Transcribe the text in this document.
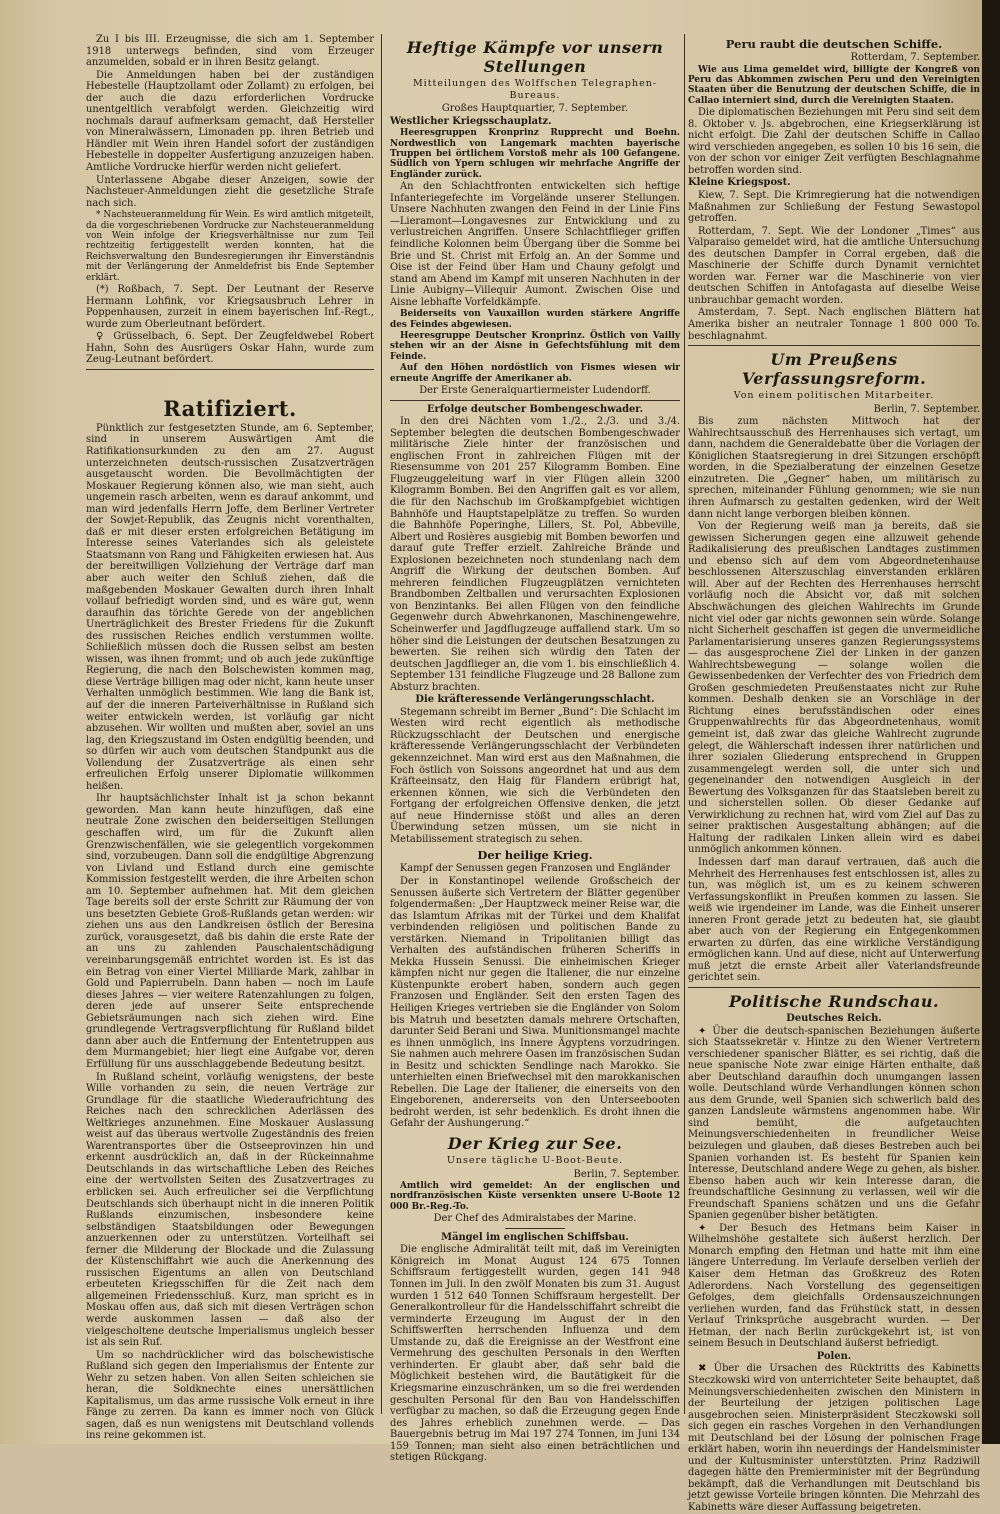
Zu I bis III. Erzeugnisse, die sich am 1. September 1918 unterwegs befinden, sind vom Erzeuger anzumelden, sobald er in ihren Besitz gelangt.

Die Anmeldungen haben bei der zuständigen Hebestelle (Hauptzollamt oder Zollamt) zu erfolgen, bei der auch die dazu erforderlichen Vordrucke unentgeltlich verabfolgt werden. Gleichzeitig wird nochmals darauf aufmerksam gemacht, daß Hersteller von Mineralwässern, Limonaden pp. ihren Betrieb und Händler mit Wein ihren Handel sofort der zuständigen Hebestelle in doppelter Ausfertigung anzuzeigen haben. Amtliche Vordrucke hierfür werden nicht geliefert.

Unterlassene Abgabe dieser Anzeigen, sowie der Nachsteuer-Anmeldungen zieht die gesetzliche Strafe nach sich.

* Nachsteueranmeldung für Wein. Es wird amtlich mitgeteilt, da die vorgeschriebenen Vordrucke zur Nachsteueranmeldung von Wein infolge der Kriegsverhältnisse nur zum Teil rechtzeitig fertiggestellt werden konnten, hat die Reichsverwaltung den Bundesregierungen ihr Einverständnis mit der Verlängerung der Anmeldefrist bis Ende September erklärt.

(*) Roßbach, 7. Sept. Der Leutnant der Reserve Hermann Lohfink, vor Kriegsausbruch Lehrer in Poppenhausen, zurzeit in einem bayerischen Inf.-Regt., wurde zum Oberleutnant befördert.

♀ Grüsselbach, 6. Sept. Der Zeugfeldwebel Robert Hahn, Sohn des Ausrügers Oskar Hahn, wurde zum Zeug-Leutnant befördert.

Ratifiziert.

Pünktlich zur festgesetzten Stunde, am 6. September, sind in unserem Auswärtigen Amt die Ratifikationsurkunden zu den am 27. August unterzeichneten deutsch-russischen Zusatzverträgen ausgetauscht worden. Die Bevollmächtigten der Moskauer Regierung können also, wie man sieht, auch ungemein rasch arbeiten, wenn es darauf ankommt, und man wird jedenfalls Herrn Joffe, dem Berliner Vertreter der Sowjet-Republik, das Zeugnis nicht vorenthalten, daß er mit dieser ersten erfolgreichen Betätigung im Interesse seines Vaterlandes sich als geleistete Staatsmann von Rang und Fähigkeiten erwiesen hat. Aus der bereitwilligen Vollziehung der Verträge darf man aber auch weiter den Schluß ziehen, daß die maßgebenden Moskauer Gewalten durch ihren Inhalt vollauf befriedigt worden sind, und es wäre gut, wenn daraufhin das törichte Gerede von der angeblichen Unerträglichkeit des Brester Friedens für die Zukunft des russischen Reiches endlich verstummen wollte. Schließlich müssen doch die Russen selbst am besten wissen, was ihnen frommt; und ob auch jede zukünftige Regierung, die nach den Bolschewisten kommen mag, diese Verträge billigen mag oder nicht, kann heute unser Verhalten unmöglich bestimmen. Wie lang die Bank ist, auf der die inneren Parteiverhältnisse in Rußland sich weiter entwickeln werden, ist vorläufig gar nicht abzusehen. Wir wollten und mußten aber, soviel an uns lag, den Kriegszustand im Osten endgültig beenden, und so dürfen wir auch vom deutschen Standpunkt aus die Vollendung der Zusatzverträge als einen sehr erfreulichen Erfolg unserer Diplomatie willkommen heißen.

Ihr hauptsächlichster Inhalt ist ja schon bekannt geworden. Man kann heute hinzufügen, daß eine neutrale Zone zwischen den beiderseitigen Stellungen geschaffen wird, um für die Zukunft allen Grenzwischenfällen, wie sie gelegentlich vorgekommen sind, vorzubeugen. Dann soll die endgültige Abgrenzung von Livland und Estland durch eine gemischte Kommission festgestellt werden, die ihre Arbeiten schon am 10. September aufnehmen hat. Mit dem gleichen Tage bereits soll der erste Schritt zur Räumung der von uns besetzten Gebiete Groß-Rußlands getan werden: wir ziehen uns aus den Landkreisen östlich der Beresina zurück, vorausgesetzt, daß bis dahin die erste Rate der an uns zu zahlenden Pauschalentschädigung vereinbarungsgemäß entrichtet worden ist. Es ist das ein Betrag von einer Viertel Milliarde Mark, zahlbar in Gold und Papierrubeln. Dann haben — noch im Laufe dieses Jahres — vier weitere Ratenzahlungen zu folgen, deren jede auf unserer Seite entsprechende Gebietsräumungen nach sich ziehen wird. Eine grundlegende Vertragsverpflichtung für Rußland bildet dann aber auch die Entfernung der Ententetruppen aus dem Murmangebiet; hier liegt eine Aufgabe vor, deren Erfüllung für uns ausschlaggebende Bedeutung besitzt.

In Rußland scheint, vorläufig wenigstens, der beste Wille vorhanden zu sein, die neuen Verträge zur Grundlage für die staatliche Wiederaufrichtung des Reiches nach den schrecklichen Aderlässen des Weltkrieges anzunehmen. Eine Moskauer Auslassung weist auf das überaus wertvolle Zugeständnis des freien Warentransportes über die Ostseeprovinzen hin und erkennt ausdrücklich an, daß in der Rückeinnahme Deutschlands in das wirtschaftliche Leben des Reiches eine der wertvollsten Seiten des Zusatzvertrages zu erblicken sei. Auch erfreulicher sei die Verpflichtung Deutschlands sich überhaupt nicht in die inneren Politik Rußlands einzumischen, insbesondere keine selbständigen Staatsbildungen oder Bewegungen anzuerkennen oder zu unterstützen. Vorteilhaft sei ferner die Milderung der Blockade und die Zulassung der Küstenschiffahrt wie auch die Anerkennung des russischen Eigentums an allen von Deutschland erbeuteten Kriegsschiffen für die Zeit nach dem allgemeinen Friedensschluß. Kurz, man spricht es in Moskau offen aus, daß sich mit diesen Verträgen schon werde auskommen lassen — daß also der vielgescholtene deutsche Imperialismus ungleich besser ist als sein Ruf.

Um so nachdrücklicher wird das bolschewistische Rußland sich gegen den Imperialismus der Entente zur Wehr zu setzen haben. Von allen Seiten schleichen sie heran, die Soldknechte eines unersättlichen Kapitalismus, um das arme russische Volk erneut in ihre Fänge zu zerren. Da kann es immer noch von Glück sagen, daß es nun wenigstens mit Deutschland vollends ins reine gekommen ist.

Heftige Kämpfe vor unsern Stellungen
Mitteilungen des Wolffschen Telegraphen-Bureaus.

Großes Hauptquartier, 7. September.

Westlicher Kriegsschauplatz.

Heeresgruppen Kronprinz Rupprecht und Boehn. Nordwestlich von Langemark machten bayerische Truppen bei örtlichem Vorstoß mehr als 100 Gefangene. Südlich von Ypern schlugen wir mehrfache Angriffe der Engländer zurück.

An den Schlachtfronten entwickelten sich heftige Infanteriegefechte im Vorgelände unserer Stellungen. Unsere Nachhuten zwangen den Feind in der Linie Fins—Lieramont—Longavesnes zur Entwicklung und zu verlustreichen Angriffen. Unsere Schlachtflieger griffen feindliche Kolonnen beim Übergang über die Somme bei Brie und St. Christ mit Erfolg an. An der Somme und Oise ist der Feind über Ham und Chauny gefolgt und stand am Abend im Kampf mit unseren Nachhuten in der Linie Aubigny—Villequir Aumont. Zwischen Oise und Aisne lebhafte Vorfeldkämpfe.

Beiderseits von Vauxaillon wurden stärkere Angriffe des Feindes abgewiesen.

Heeresgruppe Deutscher Kronprinz. Östlich von Vailly stehen wir an der Aisne in Gefechtsfühlung mit dem Feinde.

Auf den Höhen nordöstlich von Fismes wiesen wir erneute Angriffe der Amerikaner ab.

Der Erste Generalquartiermeister Ludendorff.

Erfolge deutscher Bombengeschwader.

In den drei Nächten vom 1./2., 2./3. und 3./4. September belegten die deutschen Bombengeschwader militärische Ziele hinter der französischen und englischen Front in zahlreichen Flügen mit der Riesensumme von 201 257 Kilogramm Bomben. Eine Flugzeuggeleitung warf in vier Flügen allein 3200 Kilogramm Bomben. Bei den Angriffen galt es vor allem, die für den Nachschub im Großkampfgebiet wichtigen Bahnhöfe und Hauptstapelplätze zu treffen. So wurden die Bahnhöfe Poperinghe, Lillers, St. Pol, Abbeville, Albert und Rosières ausgiebig mit Bomben beworfen und darauf gute Treffer erzielt. Zahlreiche Brände und Explosionen bezeichneten noch stundenlang nach dem Angriff die Wirkung der deutschen Bomben. Auf mehreren feindlichen Flugzeugplätzen vernichteten Brandbomben Zeltballen und verursachten Explosionen von Benzintanks. Bei allen Flügen von den feindliche Gegenwehr durch Abwehrkanonen, Maschinengewehre, Scheinwerfer und Jagdflugzeuge auffallend stark. Um so höher sind die Leistungen der deutschen Besatzungen zu bewerten. Sie reihen sich würdig den Taten der deutschen Jagdflieger an, die vom 1. bis einschließlich 4. September 131 feindliche Flugzeuge und 28 Ballone zum Absturz brachten.

Die kräfteressende Verlängerungsschlacht.

Stegemann schreibt im Berner „Bund“: Die Schlacht im Westen wird recht eigentlich als methodische Rückzugsschlacht der Deutschen und energische kräfteressende Verlängerungsschlacht der Verbündeten gekennzeichnet. Man wird erst aus den Maßnahmen, die Foch östlich von Soissons angeordnet hat und aus dem Kräfteeinsatz, den Haig für Flandern erübrigt hat, erkennen können, wie sich die Verbündeten den Fortgang der erfolgreichen Offensive denken, die jetzt auf neue Hindernisse stößt und alles an deren Überwindung setzen müssen, um sie nicht in Metabilissement strategisch zu sehen.

Der heilige Krieg.

Kampf der Senussen gegen Franzosen und Engländer

Der in Konstantinopel weilende Großscheich der Senussen äußerte sich Vertretern der Blätter gegenüber folgendermaßen: „Der Hauptzweck meiner Reise war, die das Islamtum Afrikas mit der Türkei und dem Khalifat verbindenden religiösen und politischen Bande zu verstärken. Niemand in Tripolitanien billigt das Verhalten des aufständischen früheren Scheriffs in Mekka Hussein Senussi. Die einheimischen Krieger kämpfen nicht nur gegen die Italiener, die nur einzelne Küstenpunkte erobert haben, sondern auch gegen Franzosen und Engländer. Seit den ersten Tagen des Heiligen Krieges vertrieben sie die Engländer von Solom bis Matruh und besetzten damals mehrere Ortschaften, darunter Seid Berani und Siwa. Munitionsmangel machte es ihnen unmöglich, ins Innere Ägyptens vorzudringen. Sie nahmen auch mehrere Oasen im französischen Sudan in Besitz und schickten Sendlinge nach Marokko. Sie unterhielten einen Briefwechsel mit den marokkanischen Rebellen. Die Lage der Italiener, die einerseits von den Eingeborenen, andererseits von den Unterseebooten bedroht werden, ist sehr bedenklich. Es droht ihnen die Gefahr der Aushungerung.“

Der Krieg zur See.
Unsere tägliche U-Boot-Beute.

Berlin, 7. September.

Amtlich wird gemeldet: An der englischen und nordfranzösischen Küste versenkten unsere U-Boote 12 000 Br.-Reg.-To.

Der Chef des Admiralstabes der Marine.

Mängel im englischen Schiffsbau.

Die englische Admiralität teilt mit, daß im Vereinigten Königreich im Monat August 124 675 Tonnen Schiffsraum fertiggestellt wurden, gegen 141 948 Tonnen im Juli. In den zwölf Monaten bis zum 31. August wurden 1 512 640 Tonnen Schiffsraum hergestellt. Der Generalkontrolleur für die Handelsschiffahrt schreibt die verminderte Erzeugung im August der in den Schiffswerften herrschenden Influenza und dem Umstande zu, daß die Ereignisse an der Westfront eine Vermehrung des geschulten Personals in den Werften verhinderten. Er glaubt aber, daß sehr bald die Möglichkeit bestehen wird, die Bautätigkeit für die Kriegsmarine einzuschränken, um so die frei werdenden geschulten Personal für den Bau von Handelsschiffen verfügbar zu machen, so daß die Erzeugung gegen Ende des Jahres erheblich zunehmen werde. — Das Bauergebnis betrug im Mai 197 274 Tonnen, im Juni 134 159 Tonnen; man sieht also einen beträchtlichen und stetigen Rückgang.

Peru raubt die deutschen Schiffe.

Rotterdam, 7. September.

Wie aus Lima gemeldet wird, billigte der Kongreß von Peru das Abkommen zwischen Peru und den Vereinigten Staaten über die Benutzung der deutschen Schiffe, die in Callao interniert sind, durch die Vereinigten Staaten.

Die diplomatischen Beziehungen mit Peru sind seit dem 8. Oktober v. Js. abgebrochen, eine Kriegserklärung ist nicht erfolgt. Die Zahl der deutschen Schiffe in Callao wird verschieden angegeben, es sollen 10 bis 16 sein, die von der schon vor einiger Zeit verfügten Beschlagnahme betroffen worden sind.

Kleine Kriegspost.

Kiew, 7. Sept. Die Krimregierung hat die notwendigen Maßnahmen zur Schließung der Festung Sewastopol getroffen.

Rotterdam, 7. Sept. Wie der Londoner „Times“ aus Valparaiso gemeldet wird, hat die amtliche Untersuchung des deutschen Dampfer in Corral ergeben, daß die Maschinerie der Schiffe durch Dynamit vernichtet worden war. Ferner war die Maschinerie von vier deutschen Schiffen in Antofagasta auf dieselbe Weise unbrauchbar gemacht worden.

Amsterdam, 7. Sept. Nach englischen Blättern hat Amerika bisher an neutraler Tonnage 1 800 000 To. beschlagnahmt.

Um Preußens Verfassungsreform.
Von einem politischen Mitarbeiter.

Berlin, 7. September.

Bis zum nächsten Mittwoch hat der Wahlrechtsausschuß des Herrenhauses sich vertagt, um dann, nachdem die Generaldebatte über die Vorlagen der Königlichen Staatsregierung in drei Sitzungen erschöpft worden, in die Spezialberatung der einzelnen Gesetze einzutreten. Die „Gegner“ haben, um militärisch zu sprechen, miteinander Fühlung genommen; wie sie nun ihren Aufmarsch zu gestalten gedenken, wird der Welt dann nicht lange verborgen bleiben können.

Von der Regierung weiß man ja bereits, daß sie gewissen Sicherungen gegen eine allzuweit gehende Radikalisierung des preußischen Landtages zustimmen und ebenso sich auf dem vom Abgeordnetenhause beschlossenen Alterszuschlag einverstanden erklären will. Aber auf der Rechten des Herrenhauses herrscht vorläufig noch die Absicht vor, daß mit solchen Abschwächungen des gleichen Wahlrechts im Grunde nicht viel oder gar nichts gewonnen sein würde. Solange nicht Sicherheit geschaffen ist gegen die unvermeidliche Parlamentarisierung unseres ganzen Regierungssystems — das ausgesprochene Ziel der Linken in der ganzen Wahlrechtsbewegung — solange wollen die Gewissenbedenken der Verfechter des von Friedrich dem Großen geschmiedeten Preußenstaates nicht zur Ruhe kommen. Deshalb denken sie an Vorschläge in der Richtung eines berufsständischen oder eines Gruppenwahlrechts für das Abgeordnetenhaus, womit gemeint ist, daß zwar das gleiche Wahlrecht zugrunde gelegt, die Wählerschaft indessen ihrer natürlichen und ihrer sozialen Gliederung entsprechend in Gruppen zusammengelegt werden soll, die unter sich und gegeneinander den notwendigen Ausgleich in der Bewertung des Volksganzen für das Staatsleben bereit zu und sicherstellen sollen. Ob dieser Gedanke auf Verwirklichung zu rechnen hat, wird vom Ziel auf Das zu seiner praktischen Ausgestaltung abhängen; auf die Haltung der radikalen Linken allein wird es dabei unmöglich ankommen können.

Indessen darf man darauf vertrauen, daß auch die Mehrheit des Herrenhauses fest entschlossen ist, alles zu tun, was möglich ist, um es zu keinem schweren Verfassungskonflikt in Preußen kommen zu lassen. Sie weiß wie irgendeiner im Lande, was die Einheit unserer inneren Front gerade jetzt zu bedeuten hat, sie glaubt aber auch von der Regierung ein Entgegenkommen erwarten zu dürfen, das eine wirkliche Verständigung ermöglichen kann. Und auf diese, nicht auf Unterwerfung muß jetzt die ernste Arbeit aller Vaterlandsfreunde gerichtet sein.

Politische Rundschau.

Deutsches Reich.

✦ Über die deutsch-spanischen Beziehungen äußerte sich Staatssekretär v. Hintze zu den Wiener Vertretern verschiedener spanischer Blätter, es sei richtig, daß die neue spanische Note zwar einige Härten enthalte, daß aber Deutschland daraufhin doch unumgangen lassen wolle. Deutschland würde Verhandlungen können schon aus dem Grunde, weil Spanien sich schwerlich bald des ganzen Landsleute wärmstens angenommen habe. Wir sind bemüht, die aufgetauchten Meinungsverschiedenheiten in freundlicher Weise beizulegen und glauben, daß dieses Bestreben auch bei Spanien vorhanden ist. Es besteht für Spanien kein Interesse, Deutschland andere Wege zu gehen, als bisher. Ebenso haben auch wir kein Interesse daran, die freundschaftliche Gesinnung zu verlassen, weil wir die Freundschaft Spaniens schätzen und uns die Gefahr Spanien gegenüber bisher betätigten.

✦ Der Besuch des Hetmans beim Kaiser in Wilhelmshöhe gestaltete sich äußerst herzlich. Der Monarch empfing den Hetman und hatte mit ihm eine längere Unterredung. Im Verlaufe derselben verlieh der Kaiser dem Hetman das Großkreuz des Roten Adlerordens. Nach Vorstellung des gegenseitigen Gefolges, dem gleichfalls Ordensauszeichnungen verliehen wurden, fand das Frühstück statt, in dessen Verlauf Trinksprüche ausgebracht wurden. — Der Hetman, der nach Berlin zurückgekehrt ist, ist von seinem Besuch in Deutschland äußerst befriedigt.

Polen.

✖ Über die Ursachen des Rücktritts des Kabinetts Steczkowski wird von unterrichteter Seite behauptet, daß Meinungsverschiedenheiten zwischen den Ministern in der Beurteilung der jetzigen politischen Lage ausgebrochen seien. Ministerpräsident Steczkowski soll sich gegen ein rasches Vorgehen in den Verhandlungen mit Deutschland bei der Lösung der polnischen Frage erklärt haben, worin ihn neuerdings der Handelsminister und der Kultusminister unterstützten. Prinz Radziwill dagegen hätte den Premierminister mit der Begründung bekämpft, daß die Verhandlungen mit Deutschland bis jetzt gewisse Vorteile bringen könnten. Die Mehrzahl des Kabinetts wäre dieser Auffassung beigetreten.
